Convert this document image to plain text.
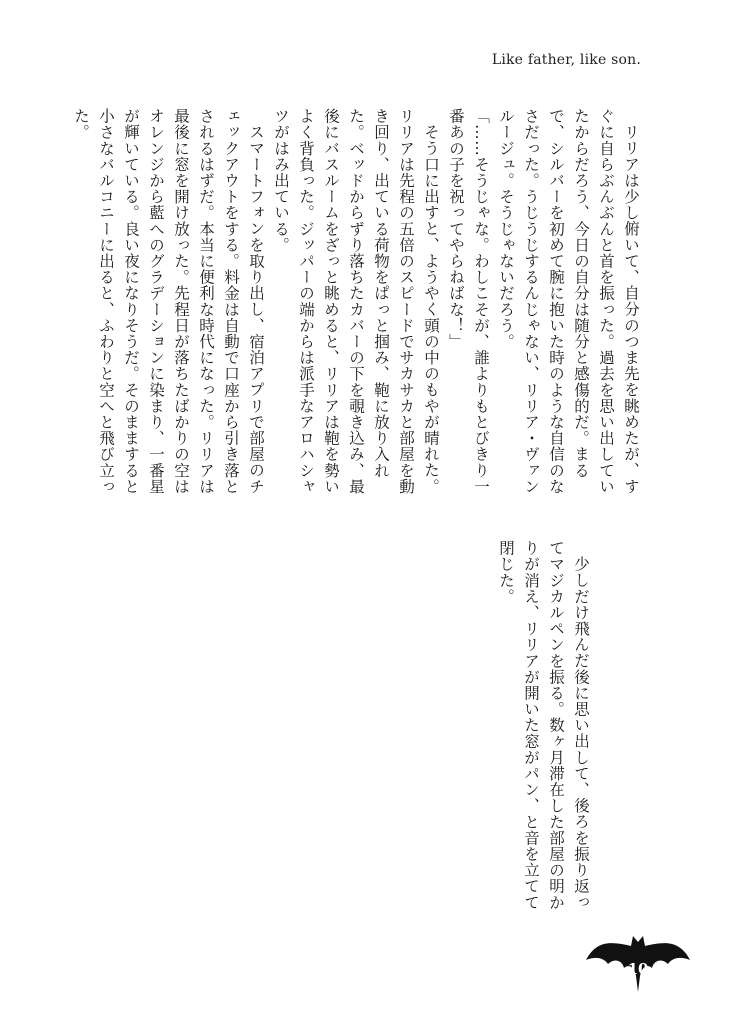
Like father, like son.

リリアは少し俯いて、自分のつま先を眺めたが、すぐに自らぶんぶんと首を振った。過去を思い出していたからだろう、今日の自分は随分と感傷的だ。まるで、シルバーを初めて腕に抱いた時のような自信のなさだった。うじうじするんじゃない、リリア・ヴァンルージュ。そうじゃないだろう。

「……そうじゃな。わしこそが、誰よりもとびきり一番あの子を祝ってやらねばな！」

そう口に出すと、ようやく頭の中のもやが晴れた。リリアは先程の五倍のスピードでサカサカと部屋を動き回り、出ている荷物をぱっと掴み、鞄に放り入れた。ベッドからずり落ちたカバーの下を覗き込み、最後にバスルームをざっと眺めると、リリアは鞄を勢いよく背負った。ジッパーの端からは派手なアロハシャツがはみ出ている。

スマートフォンを取り出し、宿泊アプリで部屋のチェックアウトをする。料金は自動で口座から引き落とされるはずだ。本当に便利な時代になった。リリアは最後に窓を開け放った。先程日が落ちたばかりの空はオレンジから藍へのグラデーションに染まり、一番星が輝いている。良い夜になりそうだ。そのまますると小さなバルコニーに出ると、ふわりと空へと飛び立った。

少しだけ飛んだ後に思い出して、後ろを振り返ってマジカルペンを振る。数ヶ月滞在した部屋の明かりが消え、リリアが開いた窓がパン、と音を立てて閉じた。

10
